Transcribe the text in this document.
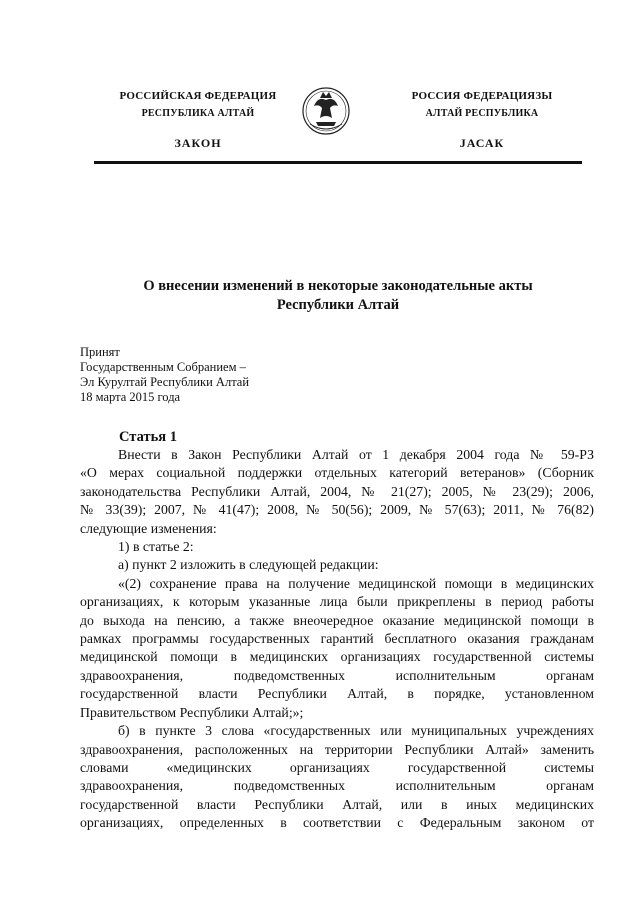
РОССИЙСКАЯ ФЕДЕРАЦИЯ
РЕСПУБЛИКА АЛТАЙ
ЗАКОН
РОССИЯ ФЕДЕРАЦИЯЗЫ
АЛТАЙ РЕСПУБЛИКА
JАСАК
О внесении изменений в некоторые законодательные акты
Республики Алтай
Принят
Государственным Собранием –
Эл Курултай Республики Алтай
18 марта 2015 года
Статья 1

Внести в Закон Республики Алтай от 1 декабря 2004 года № 59-РЗ

«О мерах социальной поддержки отдельных категорий ветеранов» (Сборник

законодательства Республики Алтай, 2004, № 21(27); 2005, № 23(29); 2006,

№ 33(39); 2007, № 41(47); 2008, № 50(56); 2009, № 57(63); 2011, № 76(82)

следующие изменения:

1) в статье 2:

а) пункт 2 изложить в следующей редакции:

«(2) сохранение права на получение медицинской помощи в медицинских

организациях, к которым указанные лица были прикреплены в период работы

до выхода на пенсию, а также внеочередное оказание медицинской помощи в

рамках программы государственных гарантий бесплатного оказания гражданам

медицинской помощи в медицинских организациях государственной системы

здравоохранения, подведомственных исполнительным органам

государственной власти Республики Алтай, в порядке, установленном

Правительством Республики Алтай;»;

б) в пункте 3 слова «государственных или муниципальных учреждениях

здравоохранения, расположенных на территории Республики Алтай» заменить

словами «медицинских организациях государственной системы

здравоохранения, подведомственных исполнительным органам

государственной власти Республики Алтай, или в иных медицинских

организациях, определенных в соответствии с Федеральным законом от
